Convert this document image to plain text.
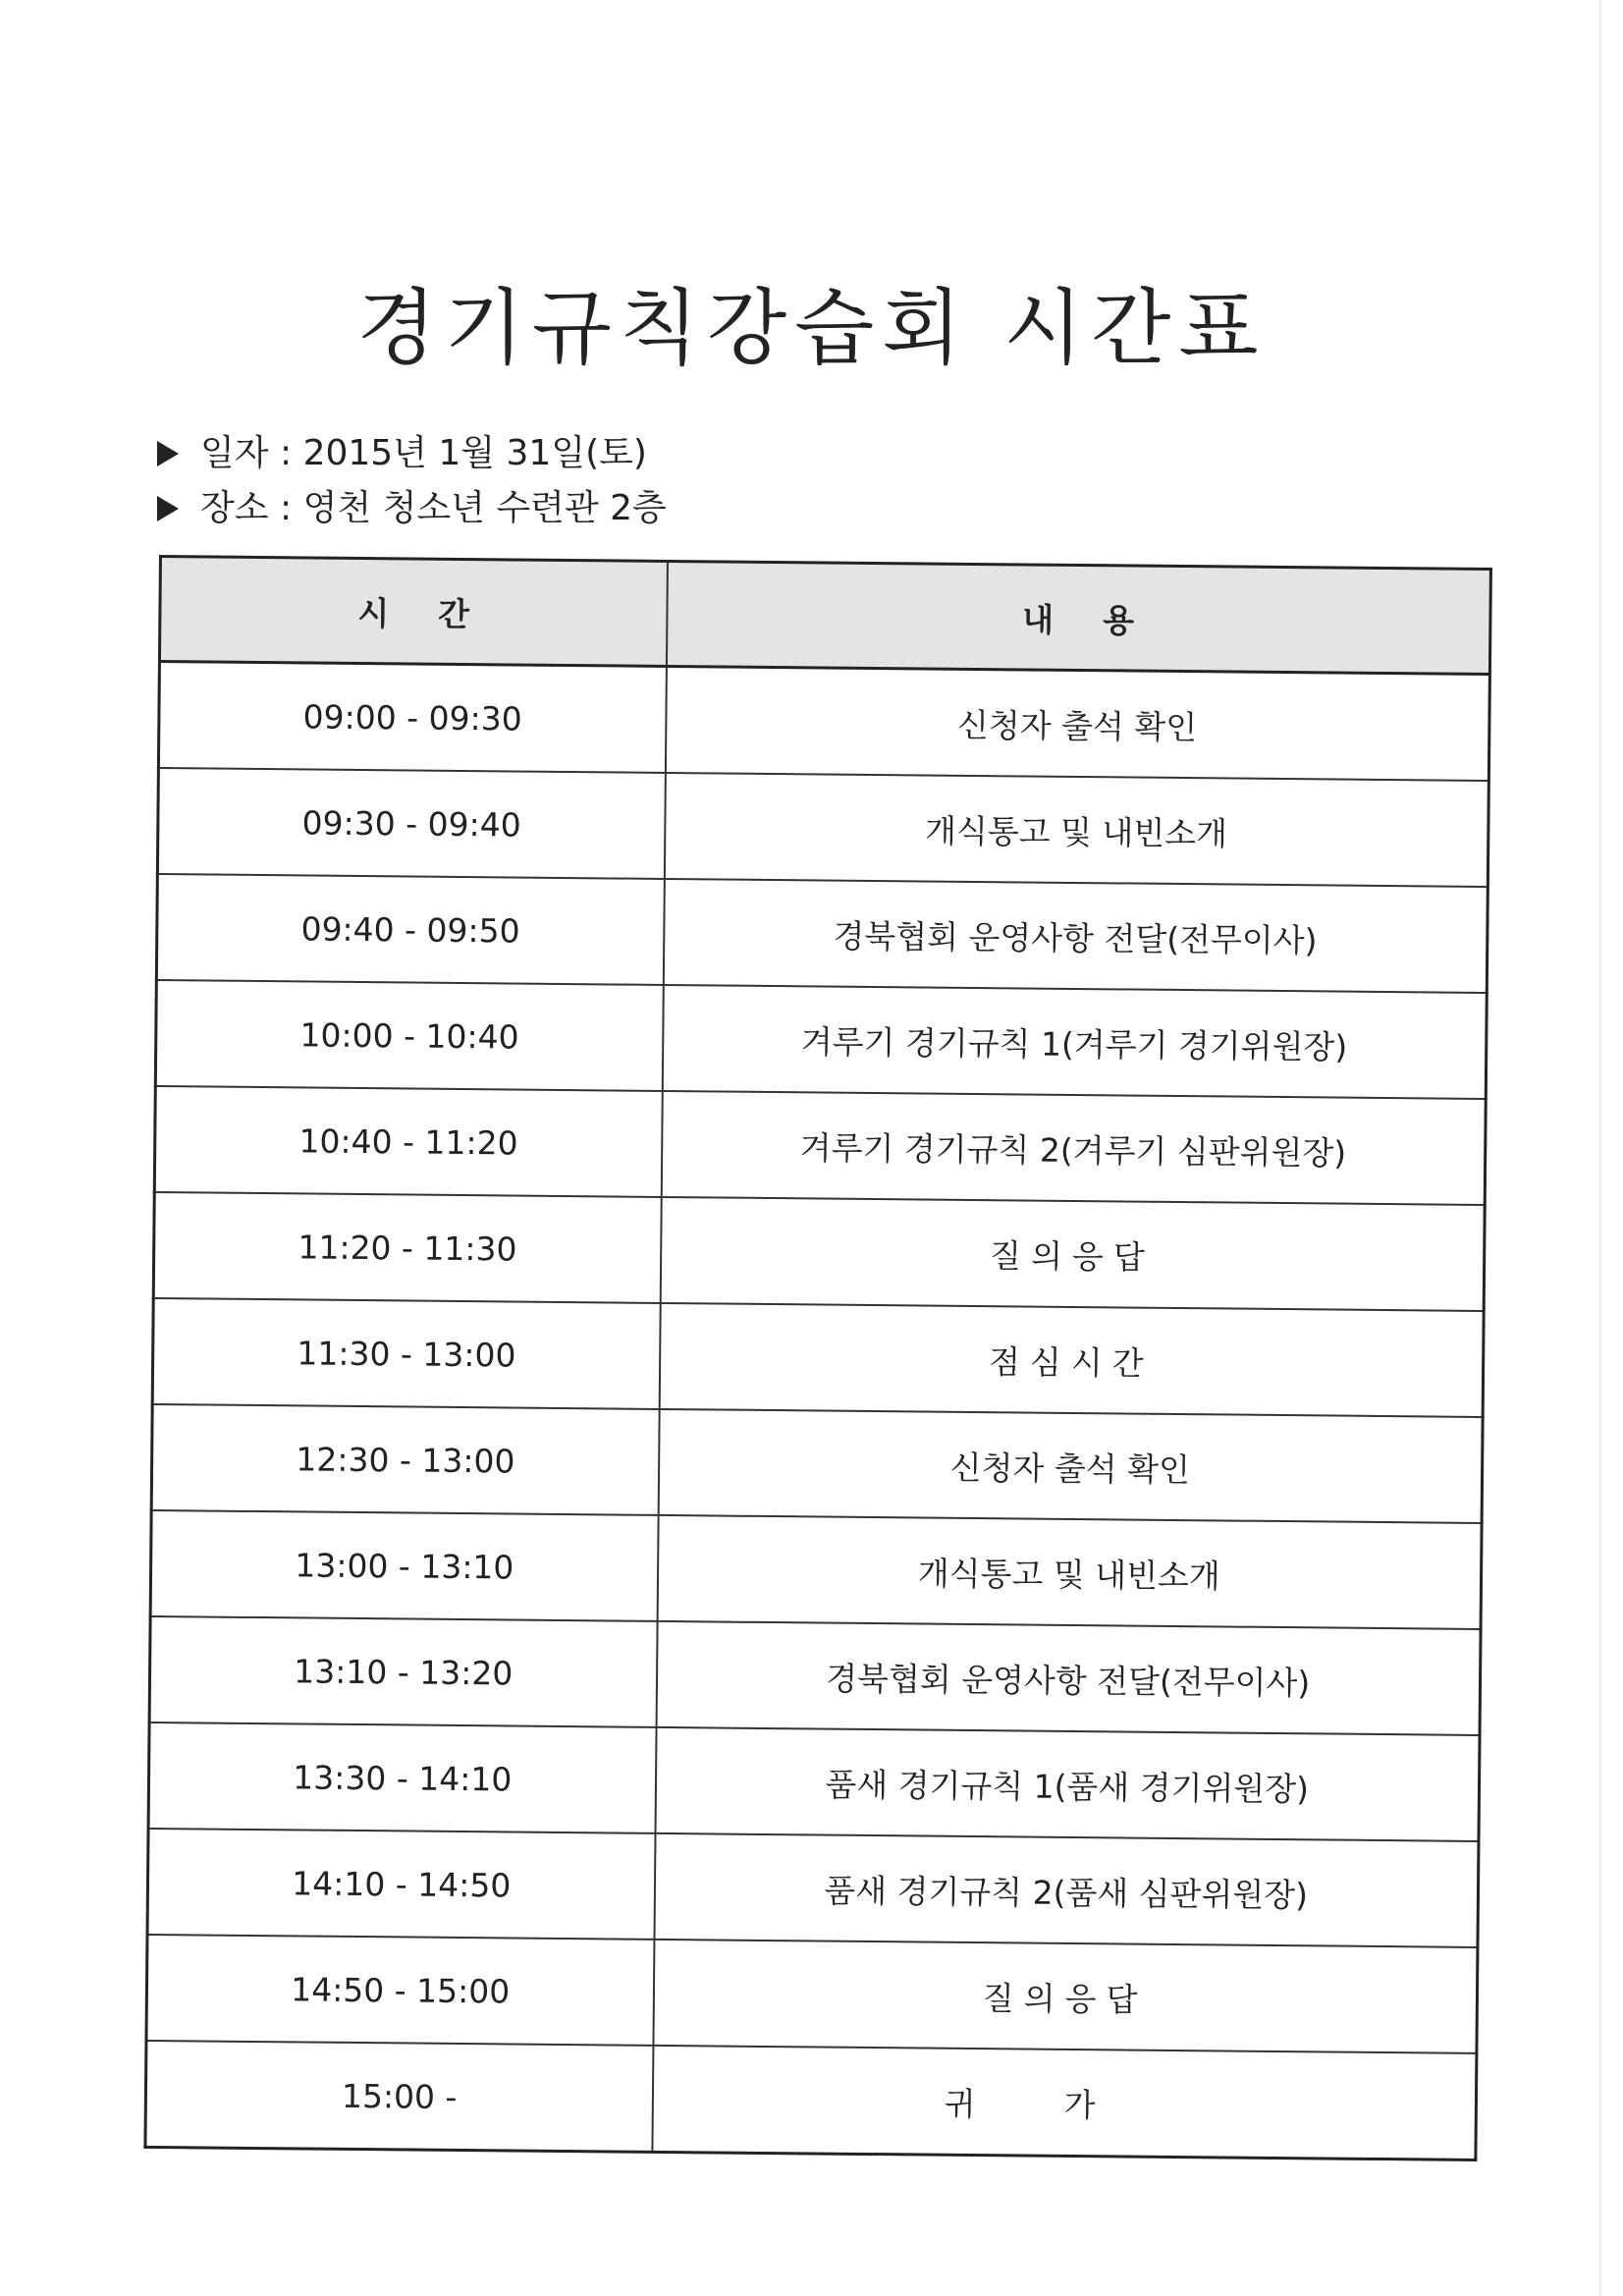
경기규칙강습회 시간표
일자 : 2015년 1월 31일(토)
장소 : 영천 청소년 수련관 2층
시간	내용
09:00 - 09:30	신청자 출석 확인
09:30 - 09:40	개식통고 및 내빈소개
09:40 - 09:50	경북협회 운영사항 전달(전무이사)
10:00 - 10:40	겨루기 경기규칙 1(겨루기 경기위원장)
10:40 - 11:20	겨루기 경기규칙 2(겨루기 심판위원장)
11:20 - 11:30	질의응답
11:30 - 13:00	점심시간
12:30 - 13:00	신청자 출석 확인
13:00 - 13:10	개식통고 및 내빈소개
13:10 - 13:20	경북협회 운영사항 전달(전무이사)
13:30 - 14:10	품새 경기규칙 1(품새 경기위원장)
14:10 - 14:50	품새 경기규칙 2(품새 심판위원장)
14:50 - 15:00	질의응답
15:00 -	귀가
